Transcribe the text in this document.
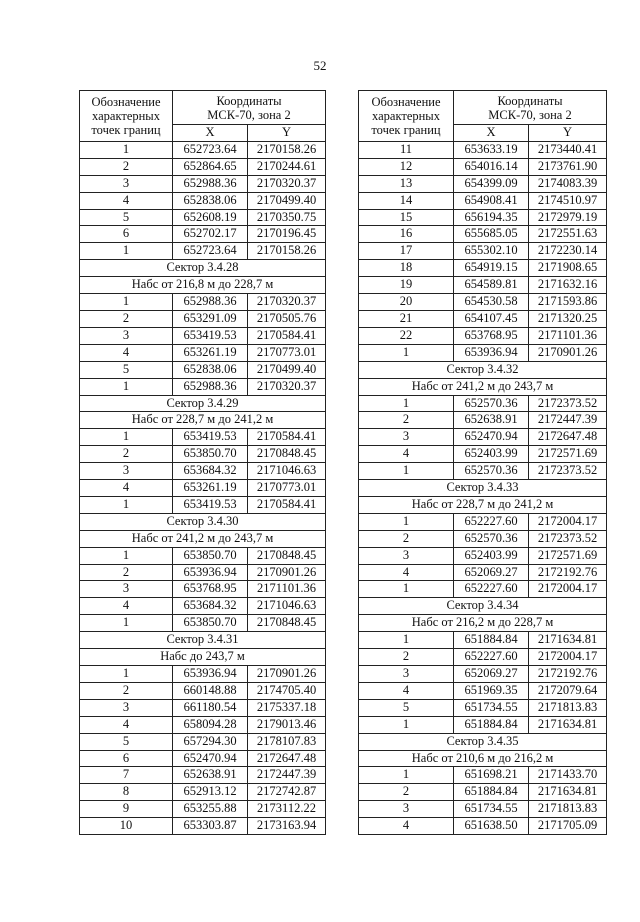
52
Обозначение
характерных
точек границ	Координаты
МСК-70, зона 2	
	X	Y
1	652723.64	2170158.26
2	652864.65	2170244.61
3	652988.36	2170320.37
4	652838.06	2170499.40
5	652608.19	2170350.75
6	652702.17	2170196.45
1	652723.64	2170158.26
Сектор 3.4.28		
Набс от 216,8 м до 228,7 м		
1	652988.36	2170320.37
2	653291.09	2170505.76
3	653419.53	2170584.41
4	653261.19	2170773.01
5	652838.06	2170499.40
1	652988.36	2170320.37
Сектор 3.4.29		
Набс от 228,7 м до 241,2 м		
1	653419.53	2170584.41
2	653850.70	2170848.45
3	653684.32	2171046.63
4	653261.19	2170773.01
1	653419.53	2170584.41
Сектор 3.4.30		
Набс от 241,2 м до 243,7 м		
1	653850.70	2170848.45
2	653936.94	2170901.26
3	653768.95	2171101.36
4	653684.32	2171046.63
1	653850.70	2170848.45
Сектор 3.4.31		
Набс до 243,7 м		
1	653936.94	2170901.26
2	660148.88	2174705.40
3	661180.54	2175337.18
4	658094.28	2179013.46
5	657294.30	2178107.83
6	652470.94	2172647.48
7	652638.91	2172447.39
8	652913.12	2172742.87
9	653255.88	2173112.22
10	653303.87	2173163.94
Обозначение
характерных
точек границ	Координаты
МСК-70, зона 2	
	X	Y
11	653633.19	2173440.41
12	654016.14	2173761.90
13	654399.09	2174083.39
14	654908.41	2174510.97
15	656194.35	2172979.19
16	655685.05	2172551.63
17	655302.10	2172230.14
18	654919.15	2171908.65
19	654589.81	2171632.16
20	654530.58	2171593.86
21	654107.45	2171320.25
22	653768.95	2171101.36
1	653936.94	2170901.26
Сектор 3.4.32		
Набс от 241,2 м до 243,7 м		
1	652570.36	2172373.52
2	652638.91	2172447.39
3	652470.94	2172647.48
4	652403.99	2172571.69
1	652570.36	2172373.52
Сектор 3.4.33		
Набс от 228,7 м до 241,2 м		
1	652227.60	2172004.17
2	652570.36	2172373.52
3	652403.99	2172571.69
4	652069.27	2172192.76
1	652227.60	2172004.17
Сектор 3.4.34		
Набс от 216,2 м до 228,7 м		
1	651884.84	2171634.81
2	652227.60	2172004.17
3	652069.27	2172192.76
4	651969.35	2172079.64
5	651734.55	2171813.83
1	651884.84	2171634.81
Сектор 3.4.35		
Набс от 210,6 м до 216,2 м		
1	651698.21	2171433.70
2	651884.84	2171634.81
3	651734.55	2171813.83
4	651638.50	2171705.09
